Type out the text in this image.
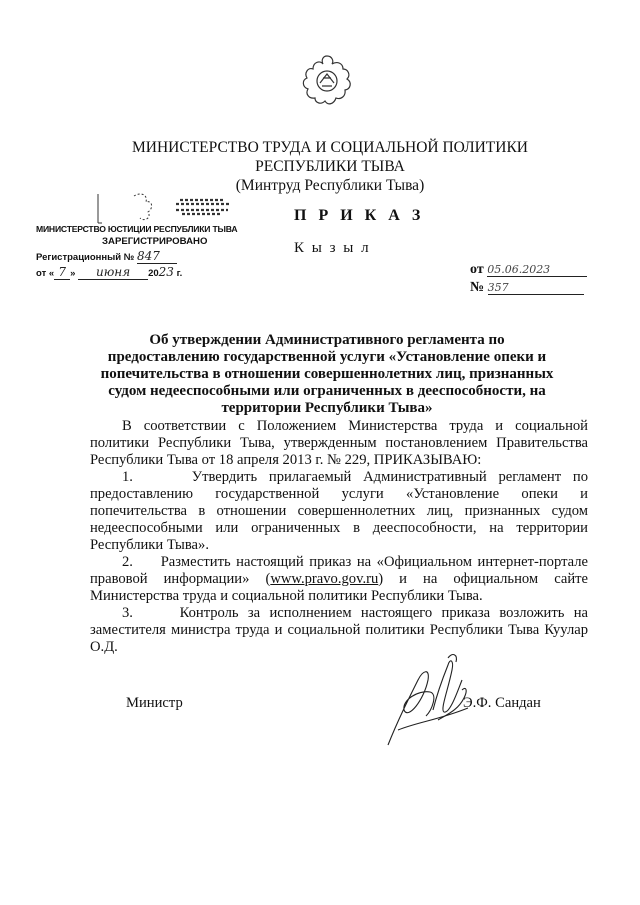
МИНИСТЕРСТВО ТРУДА И СОЦИАЛЬНОЙ ПОЛИТИКИ
РЕСПУБЛИКИ ТЫВА
(Минтруд Республики Тыва)
МИНИСТЕРСТВО ЮСТИЦИИ РЕСПУБЛИКИ ТЫВА
ЗАРЕГИСТРИРОВАНО
Регистрационный № 847
от « 7 » июня 2023 г.
П Р И К А З
К ы з ы л
от 05.06.2023
№ 357
Об утверждении Административного регламента по предоставлению государственной услуги «Установление опеки и попечительства в отношении совершеннолетних лиц, признанных судом недееспособными или ограниченных в дееспособности, на территории Республики Тыва»

В соответствии с Положением Министерства труда и социальной политики Республики Тыва, утвержденным постановлением Правительства Республики Тыва от 18 апреля 2013 г. № 229, ПРИКАЗЫВАЮ:

1.     Утвердить прилагаемый Административный регламент по предоставлению государственной услуги «Установление опеки и попечительства в отношении совершеннолетних лиц, признанных судом недееспособными или ограниченных в дееспособности, на территории Республики Тыва».

2.     Разместить настоящий приказ на «Официальном интернет-портале правовой информации» (www.pravo.gov.ru) и на официальном сайте Министерства труда и социальной политики Республики Тыва.

3.     Контроль за исполнением настоящего приказа возложить на заместителя министра труда и социальной политики Республики Тыва Куулар О.Д.

Министр	Э.Ф. Сандан
